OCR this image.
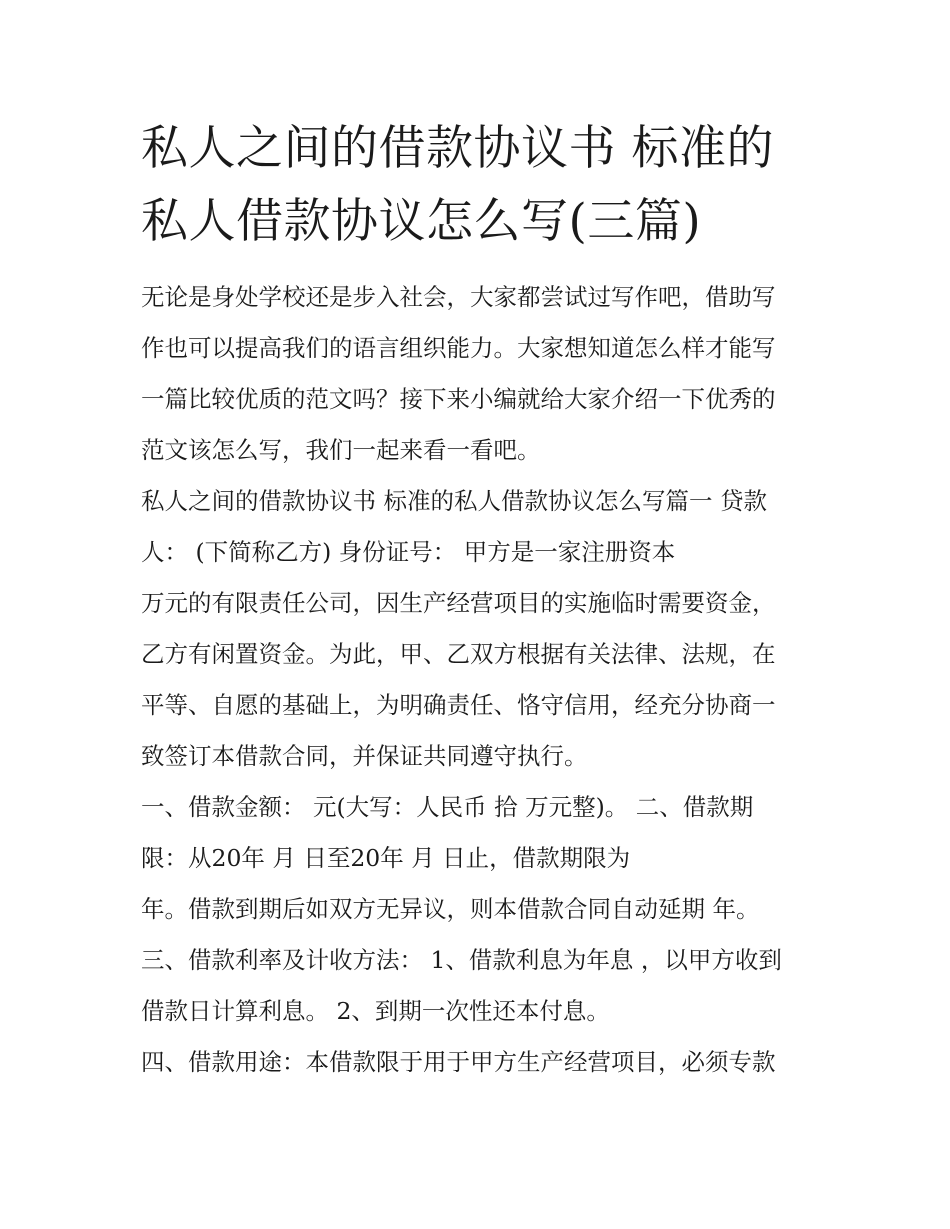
私人之间的借款协议书 标准的
私人借款协议怎么写(三篇)
无论是身处学校还是步入社会，大家都尝试过写作吧，借助写
作也可以提高我们的语言组织能力。大家想知道怎么样才能写
一篇比较优质的范文吗？接下来小编就给大家介绍一下优秀的
范文该怎么写，我们一起来看一看吧。
私人之间的借款协议书 标准的私人借款协议怎么写篇一 贷款
人： (下简称乙方) 身份证号： 甲方是一家注册资本
万元的有限责任公司，因生产经营项目的实施临时需要资金，
乙方有闲置资金。为此，甲、乙双方根据有关法律、法规，在
平等、自愿的基础上，为明确责任、恪守信用，经充分协商一
致签订本借款合同，并保证共同遵守执行。
一、借款金额： 元(大写：人民币 拾 万元整)。 二、借款期
限：从20年 月 日至20年 月 日止，借款期限为
年。借款到期后如双方无异议，则本借款合同自动延期 年。
三、借款利率及计收方法： 1、借款利息为年息 ，以甲方收到
借款日计算利息。 2、到期一次性还本付息。
四、借款用途：本借款限于用于甲方生产经营项目，必须专款
